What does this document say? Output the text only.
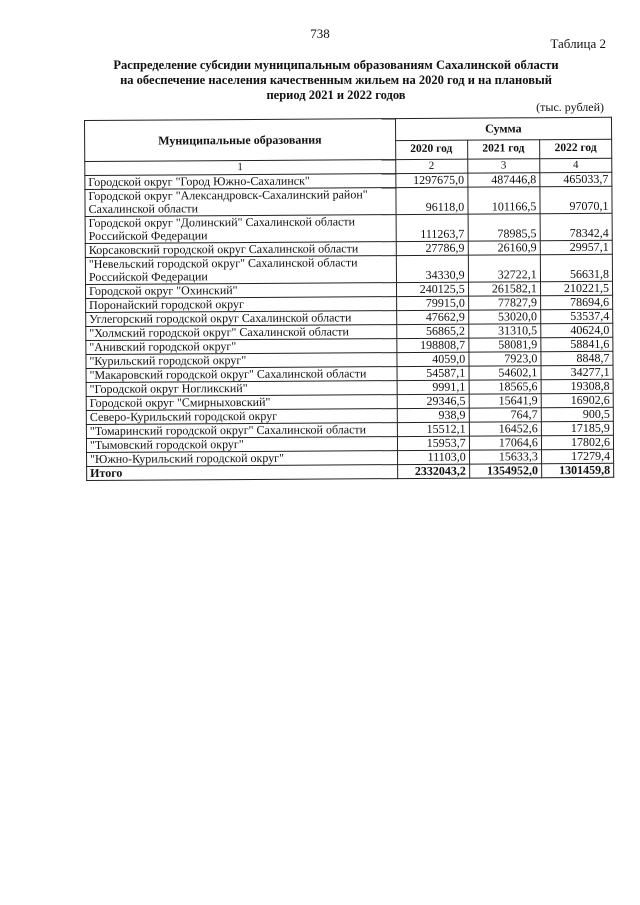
738
Таблица 2
Распределение субсидии муниципальным образованиям Сахалинской области
на обеспечение населения качественным жильем на 2020 год и на плановый
период 2021 и 2022 годов
(тыс. рублей)
Муниципальные образования	Сумма		
	2020 год	2021 год	2022 год
1	2	3	4
Городской округ "Город Южно-Сахалинск"	1297675,0	487446,8	465033,7
Городской округ "Александровск-Сахалинский район" Сахалинской области	96118,0	101166,5	97070,1
Городской округ "Долинский" Сахалинской области Российской Федерации	111263,7	78985,5	78342,4
Корсаковский городской округ Сахалинской области	27786,9	26160,9	29957,1
"Невельский городской округ" Сахалинской области Российской Федерации	34330,9	32722,1	56631,8
Городской округ "Охинский"	240125,5	261582,1	210221,5
Поронайский городской округ	79915,0	77827,9	78694,6
Углегорский городской округ Сахалинской области	47662,9	53020,0	53537,4
"Холмский городской округ" Сахалинской области	56865,2	31310,5	40624,0
"Анивский городской округ"	198808,7	58081,9	58841,6
"Курильский городской округ"	4059,0	7923,0	8848,7
"Макаровский городской округ" Сахалинской области	54587,1	54602,1	34277,1
"Городской округ Ногликский"	9991,1	18565,6	19308,8
Городской округ "Смирныховский"	29346,5	15641,9	16902,6
Северо-Курильский городской округ	938,9	764,7	900,5
"Томаринский городской округ" Сахалинской области	15512,1	16452,6	17185,9
"Тымовский городской округ"	15953,7	17064,6	17802,6
"Южно-Курильский городской округ"	11103,0	15633,3	17279,4
Итого	2332043,2	1354952,0	1301459,8
